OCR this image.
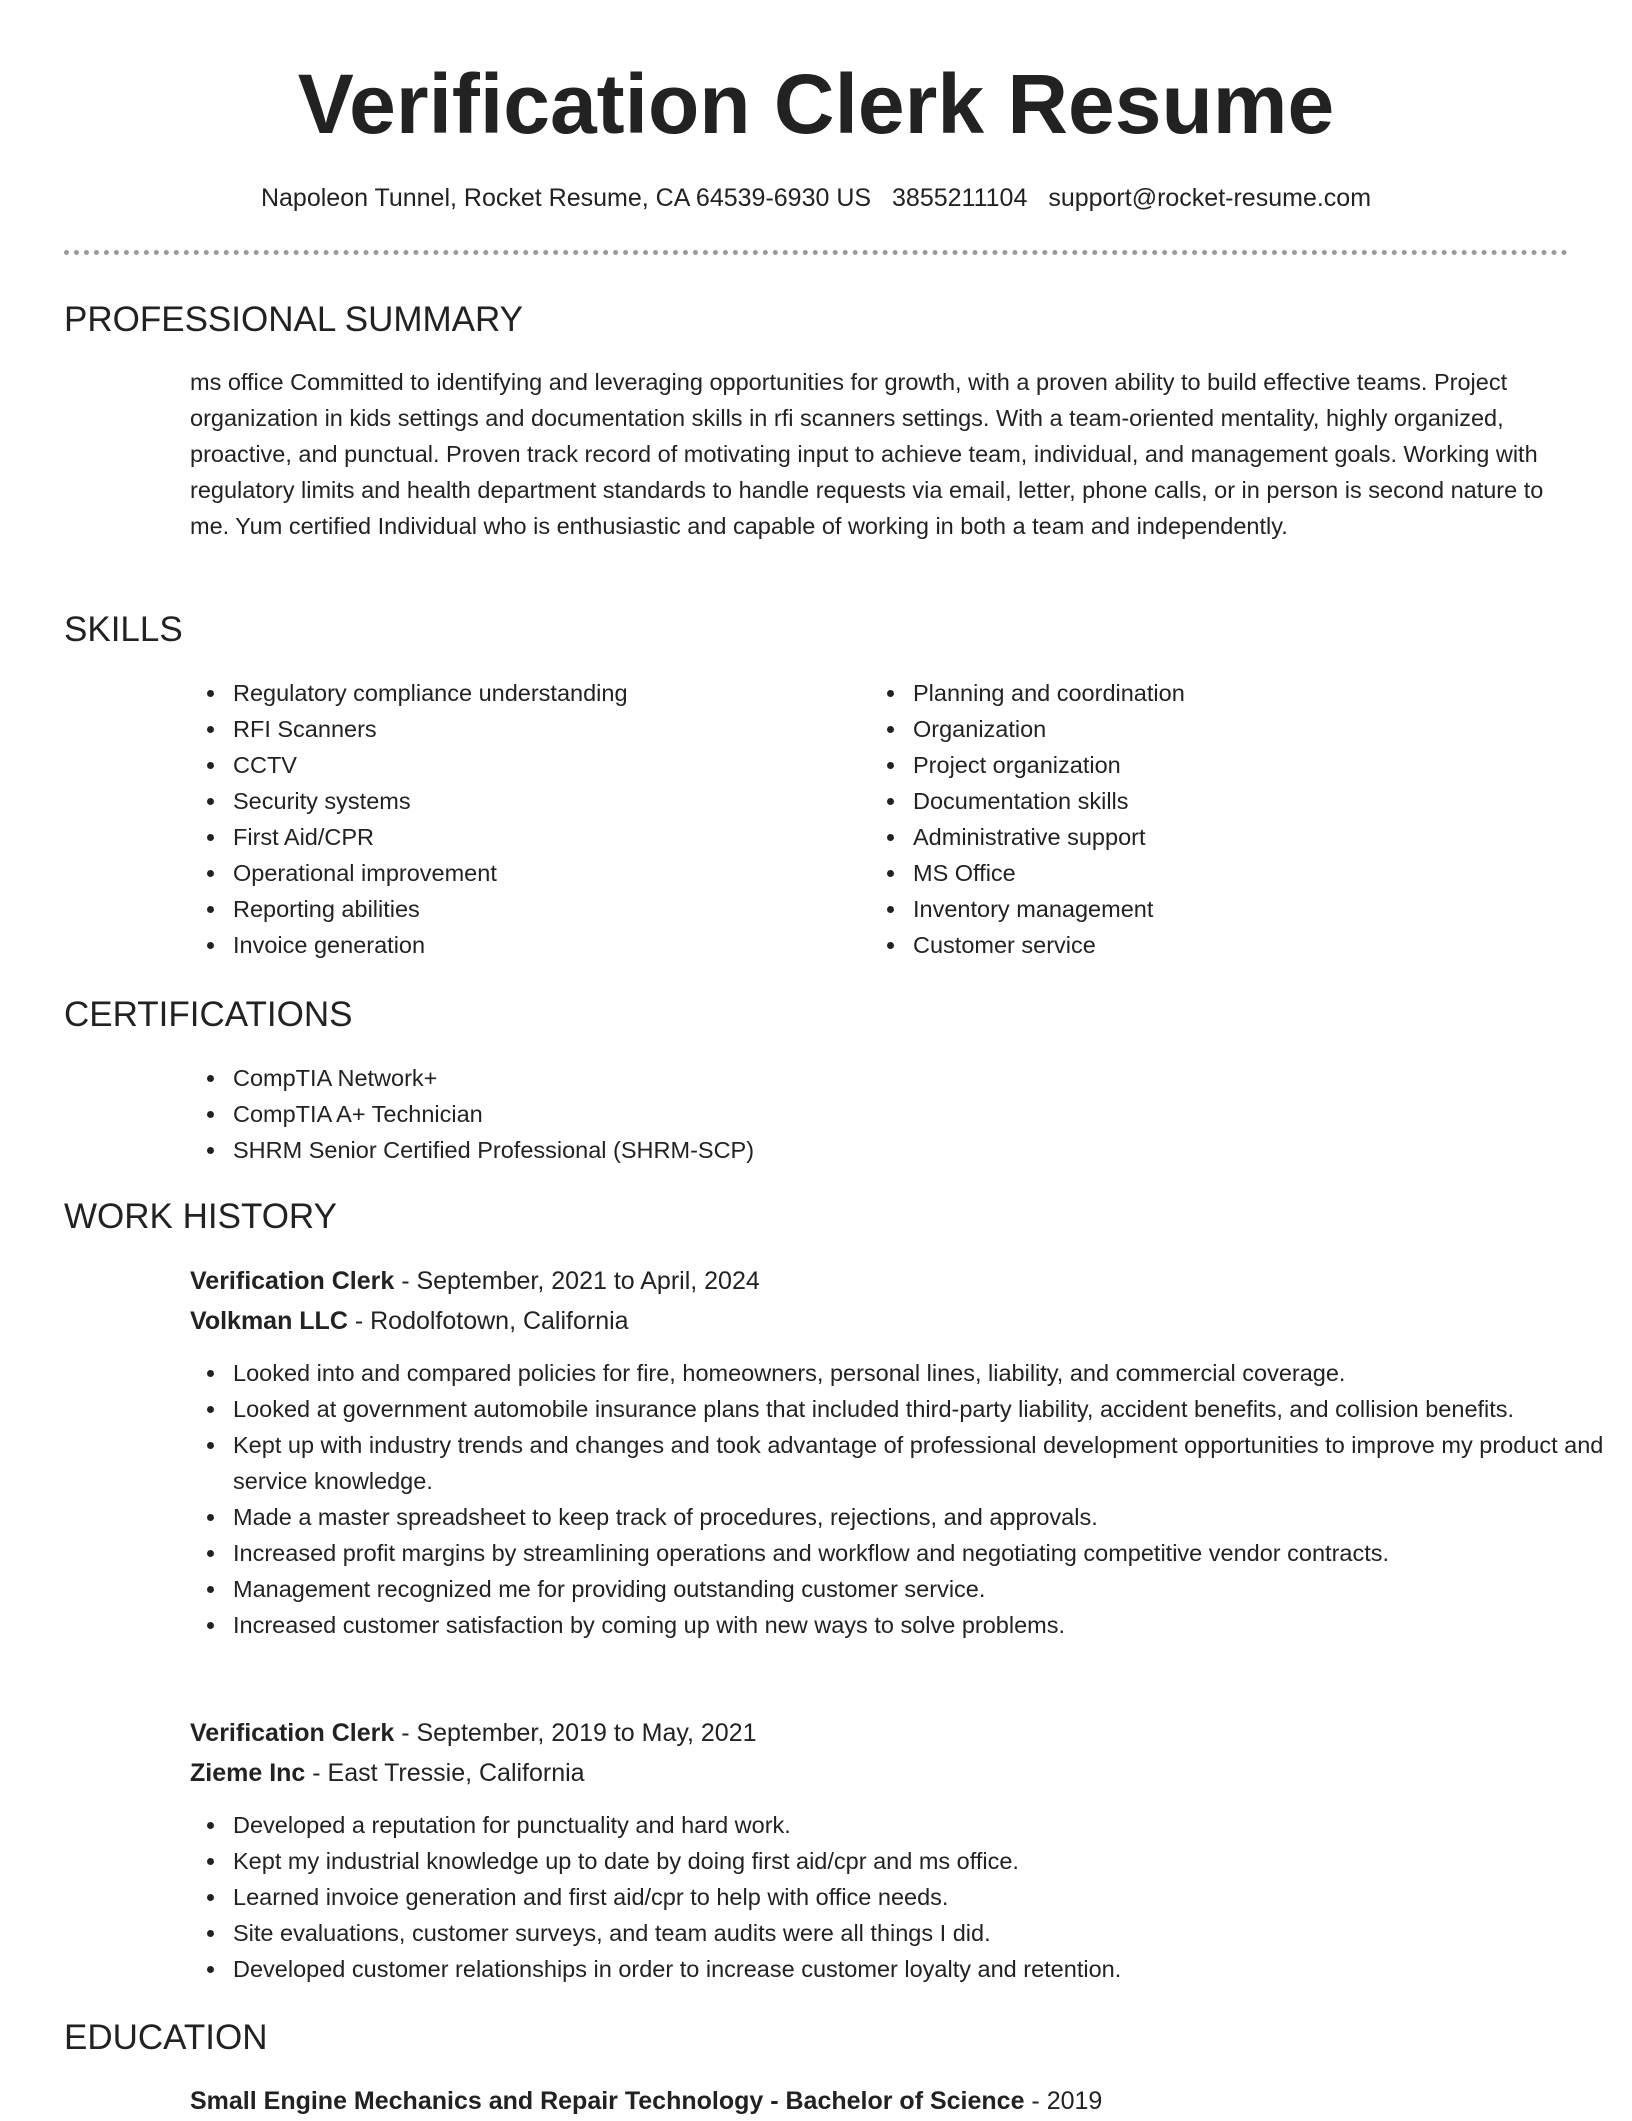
Verification Clerk Resume
Napoleon Tunnel, Rocket Resume, CA 64539-6930 US 3855211104 support@rocket-resume.com
PROFESSIONAL SUMMARY

ms office Committed to identifying and leveraging opportunities for growth, with a proven ability to build effective teams. Project organization in kids settings and documentation skills in rfi scanners settings. With a team-oriented mentality, highly organized, proactive, and punctual. Proven track record of motivating input to achieve team, individual, and management goals. Working with regulatory limits and health department standards to handle requests via email, letter, phone calls, or in person is second nature to me. Yum certified Individual who is enthusiastic and capable of working in both a team and independently.

SKILLS
Regulatory compliance understanding
RFI Scanners
CCTV
Security systems
First Aid/CPR
Operational improvement
Reporting abilities
Invoice generation
Planning and coordination
Organization
Project organization
Documentation skills
Administrative support
MS Office
Inventory management
Customer service
CERTIFICATIONS
CompTIA Network+
CompTIA A+ Technician
SHRM Senior Certified Professional (SHRM-SCP)
WORK HISTORY
Verification Clerk - September, 2021 to April, 2024
Volkman LLC - Rodolfotown, California
Looked into and compared policies for fire, homeowners, personal lines, liability, and commercial coverage.
Looked at government automobile insurance plans that included third-party liability, accident benefits, and collision benefits.
Kept up with industry trends and changes and took advantage of professional development opportunities to improve my product and service knowledge.
Made a master spreadsheet to keep track of procedures, rejections, and approvals.
Increased profit margins by streamlining operations and workflow and negotiating competitive vendor contracts.
Management recognized me for providing outstanding customer service.
Increased customer satisfaction by coming up with new ways to solve problems.
Verification Clerk - September, 2019 to May, 2021
Zieme Inc - East Tressie, California
Developed a reputation for punctuality and hard work.
Kept my industrial knowledge up to date by doing first aid/cpr and ms office.
Learned invoice generation and first aid/cpr to help with office needs.
Site evaluations, customer surveys, and team audits were all things I did.
Developed customer relationships in order to increase customer loyalty and retention.
EDUCATION
Small Engine Mechanics and Repair Technology - Bachelor of Science - 2019
